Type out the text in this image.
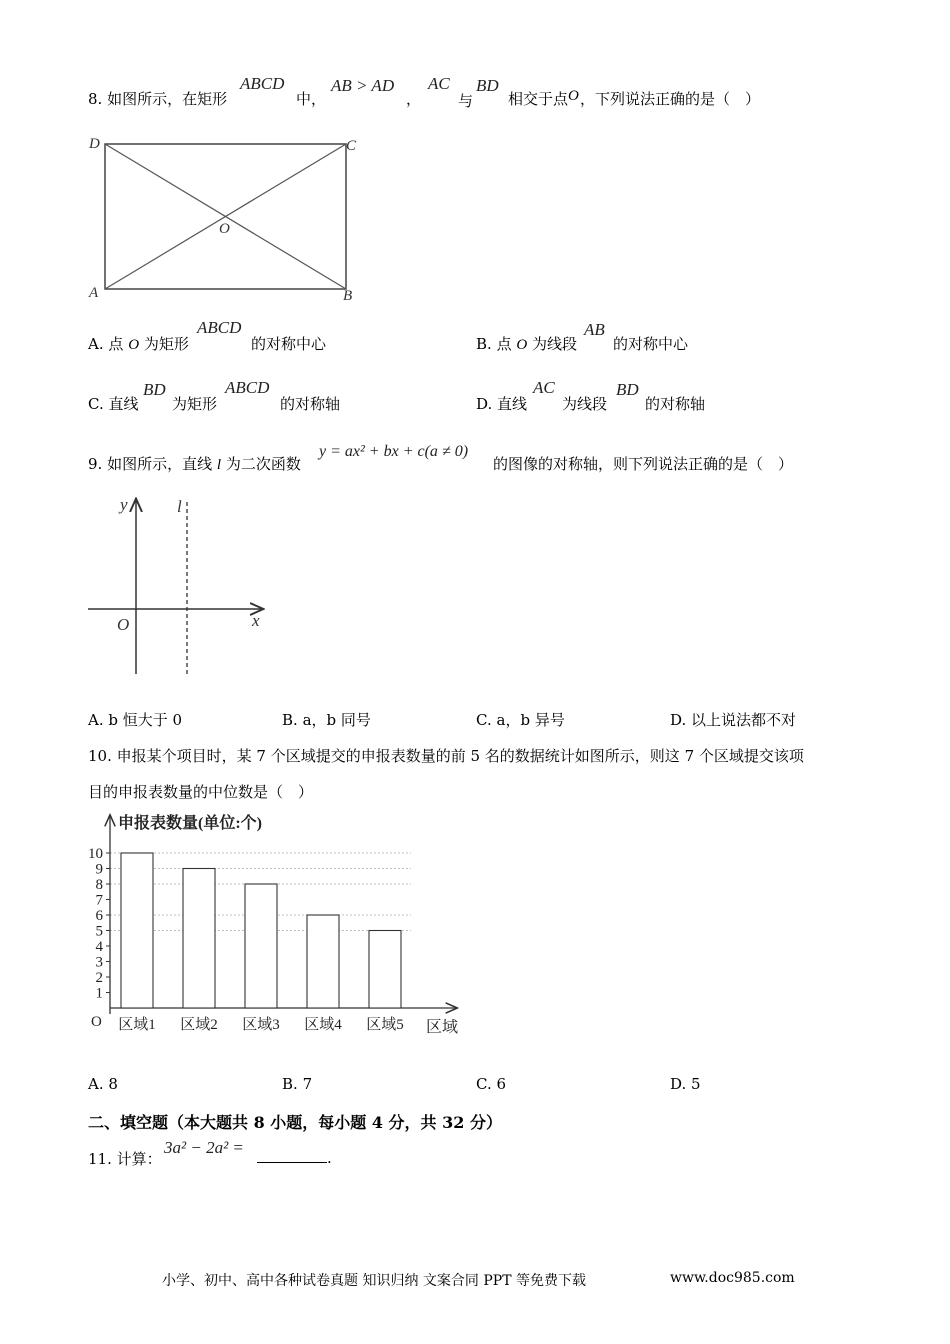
8. 如图所示，在矩形
ABCD
中，
AB > AD
，
AC
与
BD
相交于点 O ，下列说法正确的是（　）
D	C
O
A	B
A. 点 O 为矩形
ABCD
的对称中心	B. 点 O 为线段
AB
的对称中心
C. 直线
BD
为矩形
ABCD
的对称轴	D. 直线
AC
为线段
BD
的对称轴
9. 如图所示，直线 l 为二次函数
y = ax² + bx + c(a ≠ 0)
的图像的对称轴，则下列说法正确的是（　）
y	l
O	x
A. b 恒大于 0	B. a，b 同号	C. a，b 异号	D. 以上说法都不对
10. 申报某个项目时，某 7 个区域提交的申报表数量的前 5 名的数据统计如图所示，则这 7 个区域提交该项
目的申报表数量的中位数是（　）
1
2
3
4
5
6
7
8
9
10
区域1 区域2 区域3 区域4 区域5
O
申报表数量(单位:个)
区域
A. 8	B. 7	C. 6	D. 5
二、填空题（本大题共 8 小题，每小题 4 分，共 32 分）
11. 计算：
3a² − 2a² =
.
小学、初中、高中各种试卷真题 知识归纳 文案合同 PPT 等免费下载	www.doc985.com
